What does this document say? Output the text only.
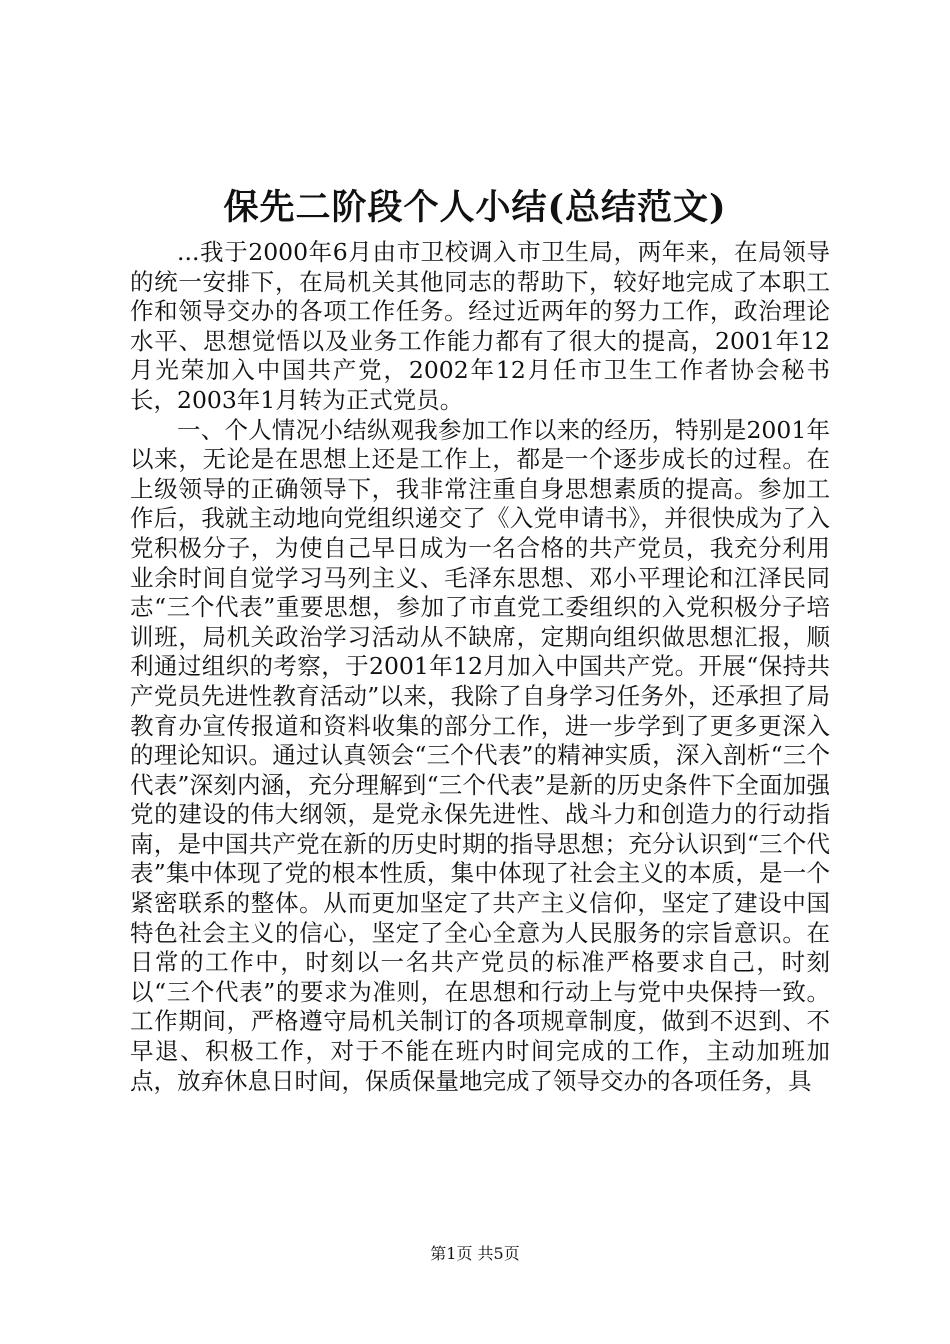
保先二阶段个人小结(总结范文)

...我于2000年6月由市卫校调入市卫生局，两年来，在局领导的统一安排下，在局机关其他同志的帮助下，较好地完成了本职工作和领导交办的各项工作任务。经过近两年的努力工作，政治理论水平、思想觉悟以及业务工作能力都有了很大的提高，2001年12月光荣加入中国共产党，2002年12月任市卫生工作者协会秘书长，2003年1月转为正式党员。

一、个人情况小结纵观我参加工作以来的经历，特别是2001年以来，无论是在思想上还是工作上，都是一个逐步成长的过程。在上级领导的正确领导下，我非常注重自身思想素质的提高。参加工作后，我就主动地向党组织递交了《入党申请书》，并很快成为了入党积极分子，为使自己早日成为一名合格的共产党员，我充分利用业余时间自觉学习马列主义、毛泽东思想、邓小平理论和江泽民同志“三个代表”重要思想，参加了市直党工委组织的入党积极分子培训班，局机关政治学习活动从不缺席，定期向组织做思想汇报，顺利通过组织的考察，于2001年12月加入中国共产党。开展“保持共产党员先进性教育活动”以来，我除了自身学习任务外，还承担了局教育办宣传报道和资料收集的部分工作，进一步学到了更多更深入的理论知识。通过认真领会“三个代表”的精神实质，深入剖析“三个代表”深刻内涵，充分理解到“三个代表”是新的历史条件下全面加强党的建设的伟大纲领，是党永保先进性、战斗力和创造力的行动指南，是中国共产党在新的历史时期的指导思想；充分认识到“三个代表”集中体现了党的根本性质，集中体现了社会主义的本质，是一个紧密联系的整体。从而更加坚定了共产主义信仰，坚定了建设中国特色社会主义的信心，坚定了全心全意为人民服务的宗旨意识。在日常的工作中，时刻以一名共产党员的标准严格要求自己，时刻以“三个代表”的要求为准则，在思想和行动上与党中央保持一致。工作期间，严格遵守局机关制订的各项规章制度，做到不迟到、不早退、积极工作，对于不能在班内时间完成的工作，主动加班加点，放弃休息日时间，保质保量地完成了领导交办的各项任务，具

第1页 共5页
